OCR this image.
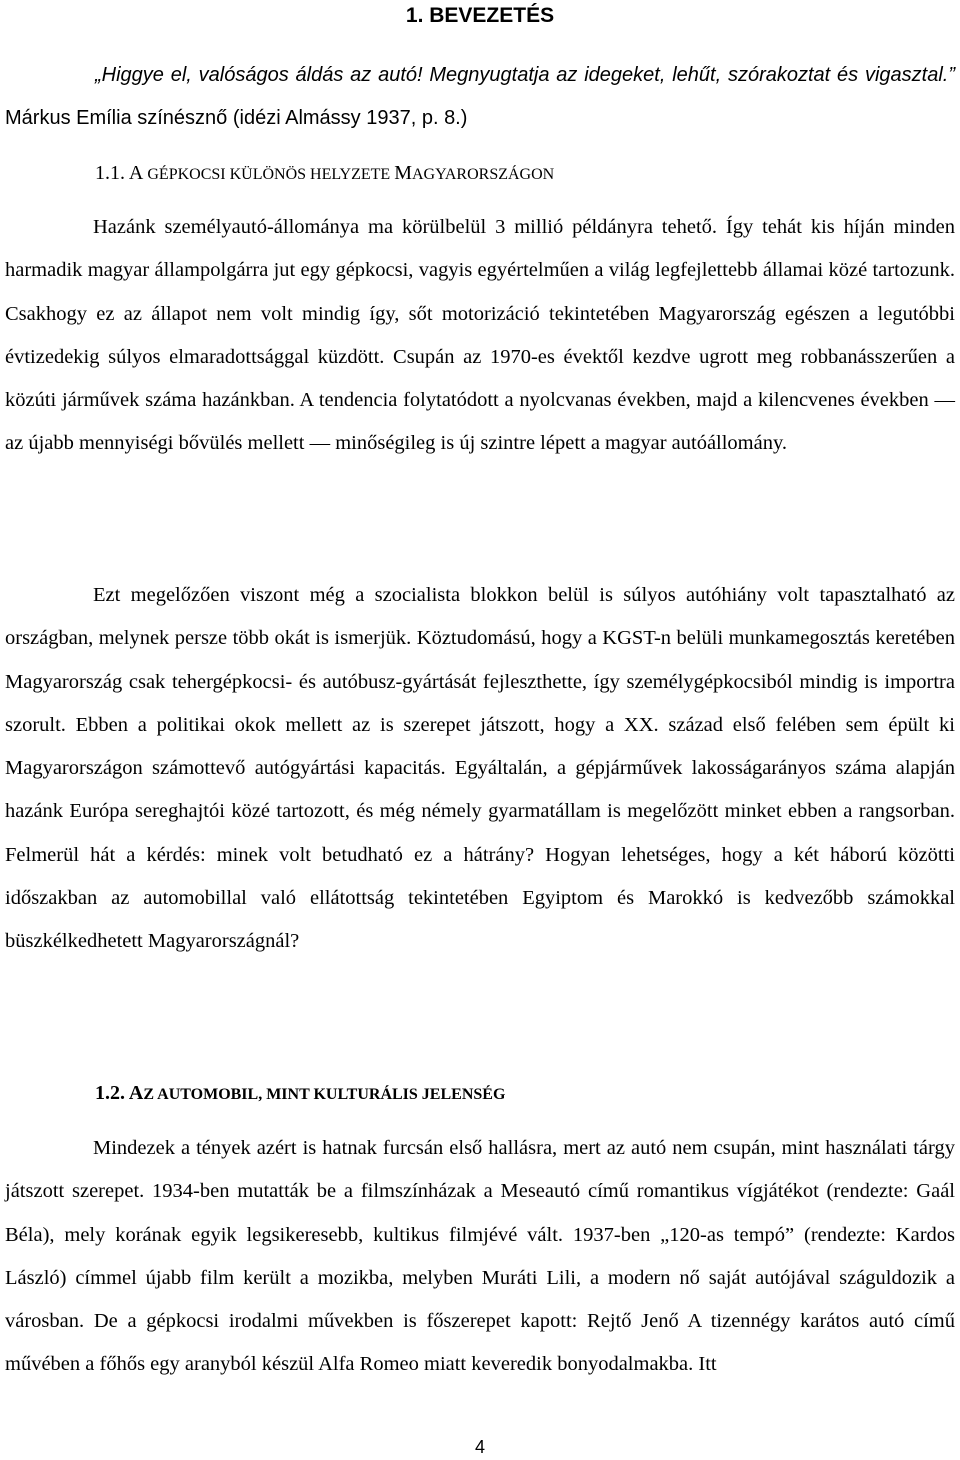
1. BEVEZETÉS
„Higgye el, valóságos áldás az autó! Megnyugtatja az idegeket, lehűt, szórakoztat és vigasztal.” Márkus Emília színésznő (idézi Almássy 1937, p. 8.)
1.1. A GÉPKOCSI KÜLÖNÖS HELYZETE MAGYARORSZÁGON

Hazánk személyautó-állománya ma körülbelül 3 millió példányra tehető. Így tehát kis híján minden harmadik magyar állampolgárra jut egy gépkocsi, vagyis egyértelműen a világ legfejlettebb államai közé tartozunk. Csakhogy ez az állapot nem volt mindig így, sőt motorizáció tekintetében Magyarország egészen a legutóbbi évtizedekig súlyos elmaradottsággal küzdött. Csupán az 1970-es évektől kezdve ugrott meg robbanásszerűen a közúti járművek száma hazánkban. A tendencia folytatódott a nyolcvanas években, majd a kilencvenes években ― az újabb mennyiségi bővülés mellett ― minőségileg is új szintre lépett a magyar autóállomány.

Ezt megelőzően viszont még a szocialista blokkon belül is súlyos autóhiány volt tapasztalható az országban, melynek persze több okát is ismerjük. Köztudomású, hogy a KGST-n belüli munkamegosztás keretében Magyarország csak tehergépkocsi- és autóbusz-gyártását fejleszthette, így személygépkocsiból mindig is importra szorult. Ebben a politikai okok mellett az is szerepet játszott, hogy a XX. század első felében sem épült ki Magyarországon számottevő autógyártási kapacitás. Egyáltalán, a gépjárművek lakosságarányos száma alapján hazánk Európa sereghajtói közé tartozott, és még némely gyarmatállam is megelőzött minket ebben a rangsorban. Felmerül hát a kérdés: minek volt betudható ez a hátrány? Hogyan lehetséges, hogy a két háború közötti időszakban az automobillal való ellátottság tekintetében Egyiptom és Marokkó is kedvezőbb számokkal büszkélkedhetett Magyarországnál?

1.2. AZ AUTOMOBIL, MINT KULTURÁLIS JELENSÉG

Mindezek a tények azért is hatnak furcsán első hallásra, mert az autó nem csupán, mint használati tárgy játszott szerepet. 1934-ben mutatták be a filmszínházak a Meseautó című romantikus vígjátékot (rendezte: Gaál Béla), mely korának egyik legsikeresebb, kultikus filmjévé vált. 1937-ben „120-as tempó” (rendezte: Kardos László) címmel újabb film került a mozikba, melyben Muráti Lili, a modern nő saját autójával száguldozik a városban. De a gépkocsi irodalmi művekben is főszerepet kapott: Rejtő Jenő A tizennégy karátos autó című művében a főhős egy aranyból készül Alfa Romeo miatt keveredik bonyodalmakba. Itt

4
